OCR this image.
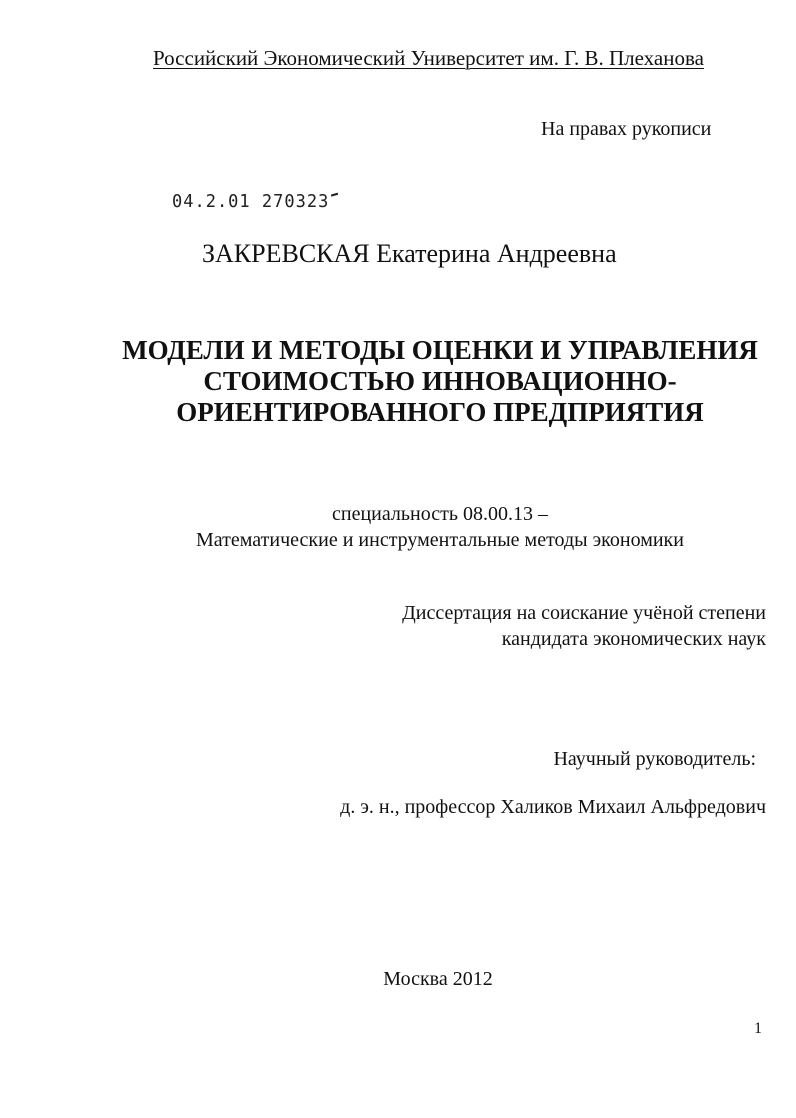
Российский Экономический Университет им. Г. В. Плеханова
На правах рукописи
04.2.01 270323
ЗАКРЕВСКАЯ Екатерина Андреевна
МОДЕЛИ И МЕТОДЫ ОЦЕНКИ И УПРАВЛЕНИЯ
СТОИМОСТЬЮ ИННОВАЦИОННО-
ОРИЕНТИРОВАННОГО ПРЕДПРИЯТИЯ
специальность 08.00.13 –
Математические и инструментальные методы экономики
Диссертация на соискание учёной степени
кандидата экономических наук
Научный руководитель:
д. э. н., профессор Халиков Михаил Альфредович
Москва 2012
1
